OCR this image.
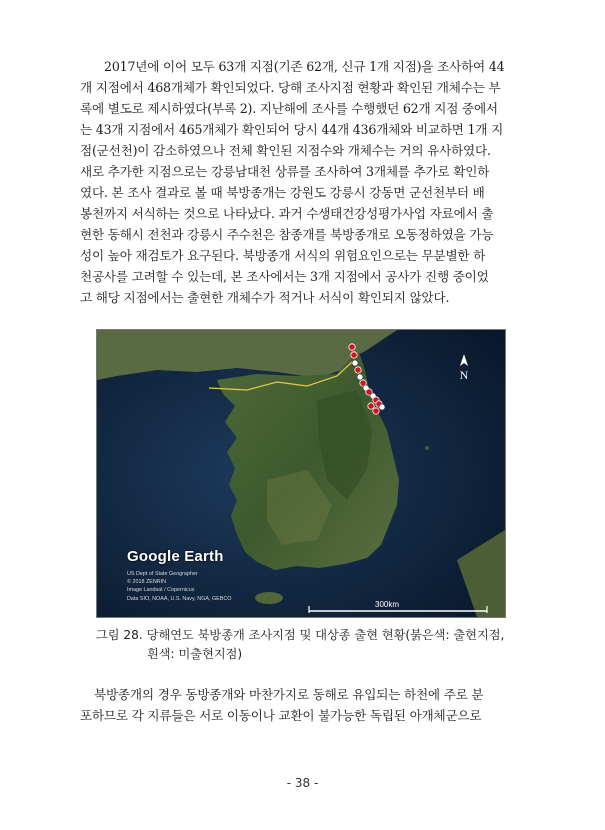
2017년에 이어 모두 63개 지점(기존 62개, 신규 1개 지점)을 조사하여 44
개 지점에서 468개체가 확인되었다. 당해 조사지점 현황과 확인된 개체수는 부
록에 별도로 제시하였다(부록 2). 지난해에 조사를 수행했던 62개 지점 중에서
는 43개 지점에서 465개체가 확인되어 당시 44개 436개체와 비교하면 1개 지
점(군선천)이 감소하였으나 전체 확인된 지점수와 개체수는 거의 유사하였다.
새로 추가한 지점으로는 강릉남대천 상류를 조사하여 3개체를 추가로 확인하
였다. 본 조사 결과로 볼 때 북방종개는 강원도 강릉시 강동면 군선천부터 배
봉천까지 서식하는 것으로 나타났다. 과거 수생태건강성평가사업 자료에서 출
현한 동해시 전천과 강릉시 주수천은 참종개를 북방종개로 오동정하였을 가능
성이 높아 재검토가 요구된다. 북방종개 서식의 위험요인으로는 무분별한 하
천공사를 고려할 수 있는데, 본 조사에서는 3개 지점에서 공사가 진행 중이었
고 해당 지점에서는 출현한 개체수가 적거나 서식이 확인되지 않았다.
N
Google Earth
US Dept of State Geographer
© 2018 ZENRIN
Image Landsat / Copernicus
Data SIO, NOAA, U.S. Navy, NGA, GEBCO
300km
그림 28. 당해연도 북방종개 조사지점 및 대상종 출현 현황(붉은색: 출현지점,
흰색: 미출현지점)
북방종개의 경우 동방종개와 마찬가지로 동해로 유입되는 하천에 주로 분
포하므로 각 지류들은 서로 이동이나 교환이 불가능한 독립된 아개체군으로
- 38 -
